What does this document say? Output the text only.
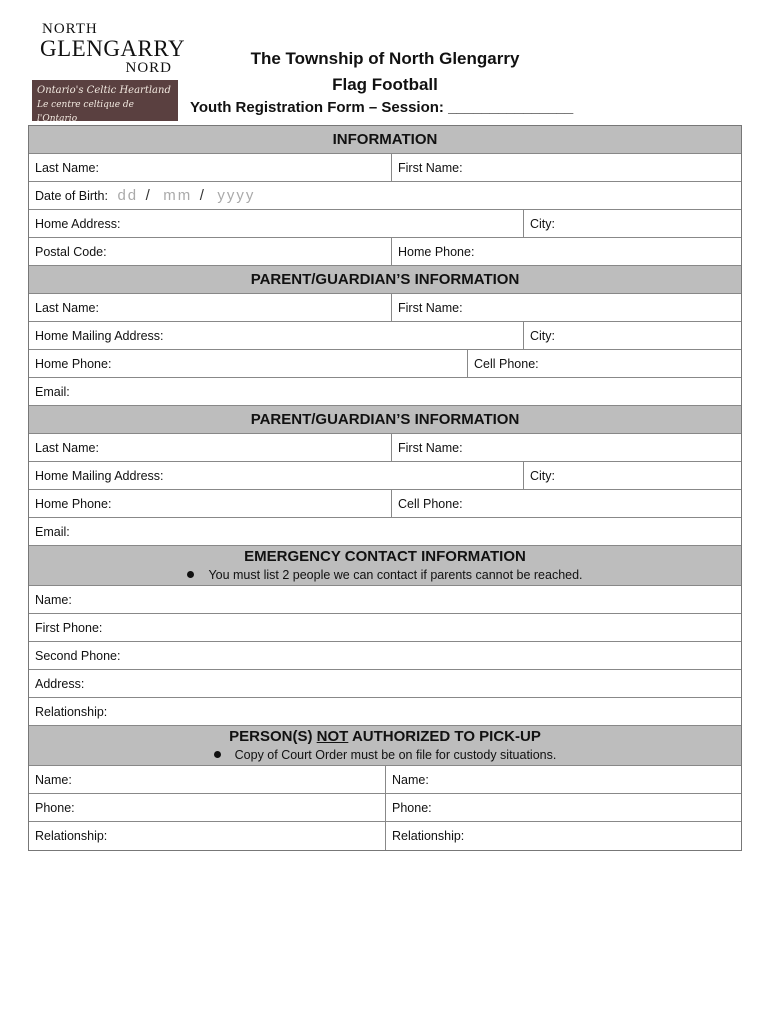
NORTH
GLENGARRY
NORD
Ontario's Celtic Heartland
Le centre celtique de l'Ontario
The Township of North Glengarry
Flag Football
Youth Registration Form – Session: _______________
INFORMATION
Last Name:	First Name:
Date of Birth: dd / mm / yyyy
Home Address:	City:
Postal Code:	Home Phone:
PARENT/GUARDIAN’S INFORMATION
Last Name:	First Name:
Home Mailing Address:	City:
Home Phone:	Cell Phone:
Email:
PARENT/GUARDIAN’S INFORMATION
Last Name:	First Name:
Home Mailing Address:	City:
Home Phone:	Cell Phone:
Email:
EMERGENCY CONTACT INFORMATION
You must list 2 people we can contact if parents cannot be reached.
Name:
First Phone:
Second Phone:
Address:
Relationship:
PERSON(S) NOT AUTHORIZED TO PICK-UP
Copy of Court Order must be on file for custody situations.
Name:	Name:
Phone:	Phone:
Relationship:	Relationship:
